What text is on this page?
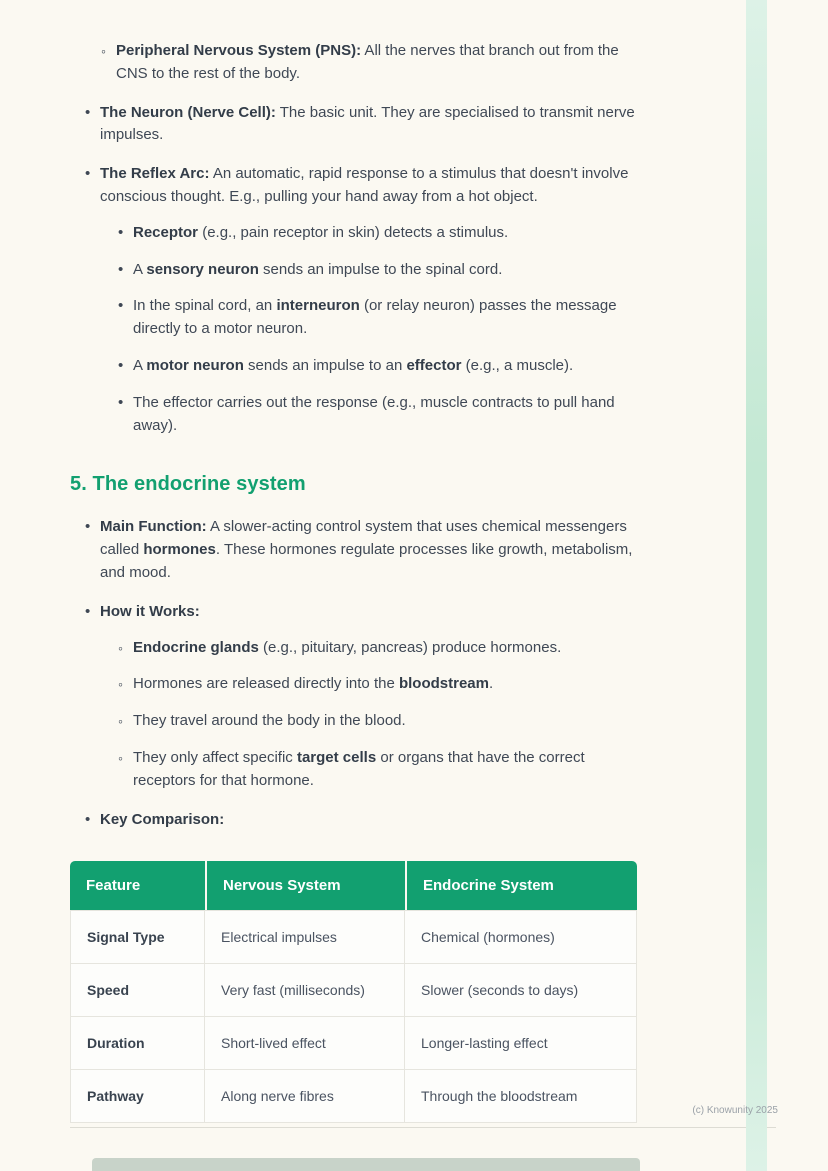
◦ Peripheral Nervous System (PNS): All the nerves that branch out from the CNS to the rest of the body.
• The Neuron (Nerve Cell): The basic unit. They are specialised to transmit nerve impulses.
• The Reflex Arc: An automatic, rapid response to a stimulus that doesn't involve conscious thought. E.g., pulling your hand away from a hot object.
• Receptor (e.g., pain receptor in skin) detects a stimulus.
• A sensory neuron sends an impulse to the spinal cord.
• In the spinal cord, an interneuron (or relay neuron) passes the message directly to a motor neuron.
• A motor neuron sends an impulse to an effector (e.g., a muscle).
• The effector carries out the response (e.g., muscle contracts to pull hand away).
5. The endocrine system
• Main Function: A slower-acting control system that uses chemical messengers called hormones. These hormones regulate processes like growth, metabolism, and mood.
• How it Works:
◦ Endocrine glands (e.g., pituitary, pancreas) produce hormones.
◦ Hormones are released directly into the bloodstream.
◦ They travel around the body in the blood.
◦ They only affect specific target cells or organs that have the correct receptors for that hormone.
• Key Comparison:
Feature	Nervous System	Endocrine System
Signal Type	Electrical impulses	Chemical (hormones)
Speed	Very fast (milliseconds)	Slower (seconds to days)
Duration	Short-lived effect	Longer-lasting effect
Pathway	Along nerve fibres	Through the bloodstream
(c) Knowunity 2025
